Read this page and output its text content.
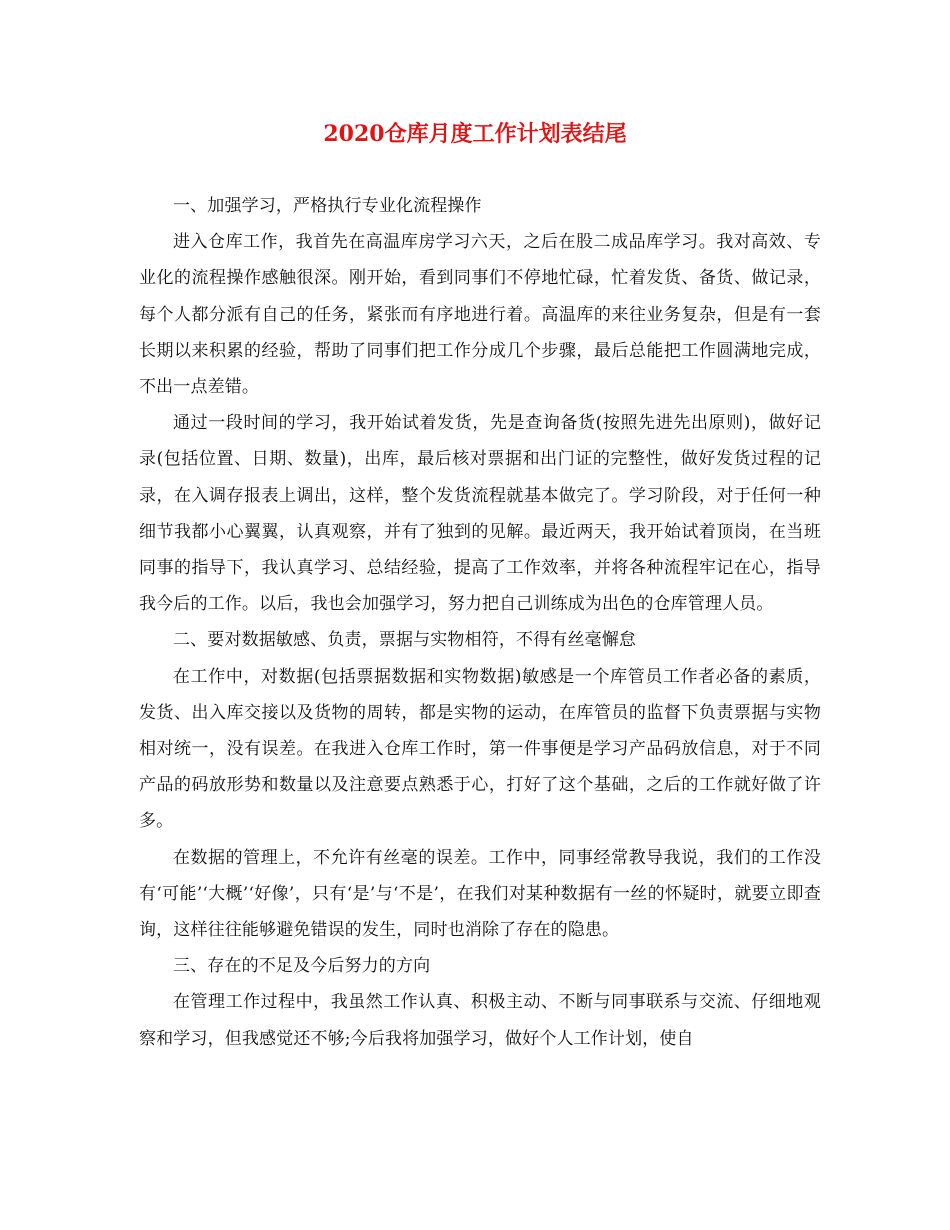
2020仓库月度工作计划表结尾

一、加强学习，严格执行专业化流程操作

进入仓库工作，我首先在高温库房学习六天，之后在股二成品库学习。我对高效、专业化的流程操作感触很深。刚开始，看到同事们不停地忙碌，忙着发货、备货、做记录，每个人都分派有自己的任务，紧张而有序地进行着。高温库的来往业务复杂，但是有一套长期以来积累的经验，帮助了同事们把工作分成几个步骤，最后总能把工作圆满地完成，不出一点差错。

通过一段时间的学习，我开始试着发货，先是查询备货(按照先进先出原则)，做好记录(包括位置、日期、数量)，出库，最后核对票据和出门证的完整性，做好发货过程的记录，在入调存报表上调出，这样，整个发货流程就基本做完了。学习阶段，对于任何一种细节我都小心翼翼，认真观察，并有了独到的见解。最近两天，我开始试着顶岗，在当班同事的指导下，我认真学习、总结经验，提高了工作效率，并将各种流程牢记在心，指导我今后的工作。以后，我也会加强学习，努力把自己训练成为出色的仓库管理人员。

二、要对数据敏感、负责，票据与实物相符，不得有丝毫懈怠

在工作中，对数据(包括票据数据和实物数据)敏感是一个库管员工作者必备的素质，发货、出入库交接以及货物的周转，都是实物的运动，在库管员的监督下负责票据与实物相对统一，没有误差。在我进入仓库工作时，第一件事便是学习产品码放信息，对于不同产品的码放形势和数量以及注意要点熟悉于心，打好了这个基础，之后的工作就好做了许多。

在数据的管理上，不允许有丝毫的误差。工作中，同事经常教导我说，我们的工作没有‘可能’‘大概’‘好像’，只有‘是’与‘不是’，在我们对某种数据有一丝的怀疑时，就要立即查询，这样往往能够避免错误的发生，同时也消除了存在的隐患。

三、存在的不足及今后努力的方向

在管理工作过程中，我虽然工作认真、积极主动、不断与同事联系与交流、仔细地观察和学习，但我感觉还不够;今后我将加强学习，做好个人工作计划，使自
